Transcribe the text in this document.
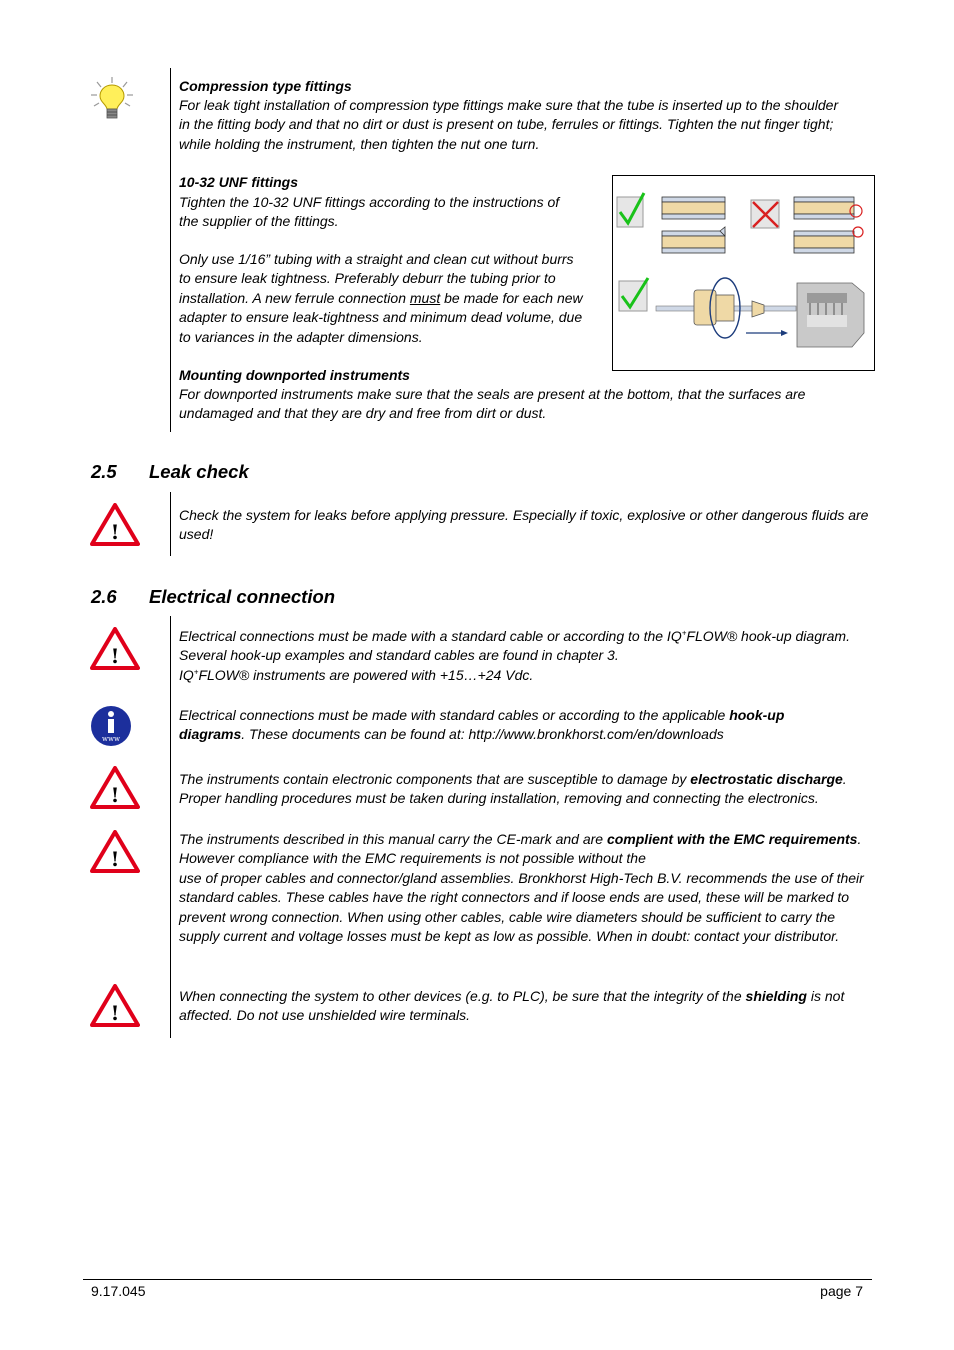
Compression type fittings

For leak tight installation of compression type fittings make sure that the tube is inserted up to the shoulder in the fitting body and that no dirt or dust is present on tube, ferrules or fittings. Tighten the nut finger tight; while holding the instrument, then tighten the nut one turn.

10-32 UNF fittings

Tighten the 10-32 UNF fittings according to the instructions of the supplier of the fittings.

Only use 1/16” tubing with a straight and clean cut without burrs to ensure leak tightness. Preferably deburr the tubing prior to installation. A new ferrule connection must be made for each new adapter to ensure leak-tightness and minimum dead volume, due to variances in the adapter dimensions.

Mounting downported instruments

For downported instruments make sure that the seals are present at the bottom, that the surfaces are undamaged and that they are dry and free from dirt or dust.

2.5 Leak check
!

Check the system for leaks before applying pressure. Especially if toxic, explosive or other dangerous fluids are used!

2.6 Electrical connection
!

Electrical connections must be made with a standard cable or according to the IQ+FLOW® hook-up diagram. Several hook-up examples and standard cables are found in chapter 3.
IQ+FLOW® instruments are powered with +15…+24 Vdc.

www

Electrical connections must be made with standard cables or according to the applicable hook-up diagrams. These documents can be found at: http://www.bronkhorst.com/en/downloads

!

The instruments contain electronic components that are susceptible to damage by electrostatic discharge. Proper handling procedures must be taken during installation, removing and connecting the electronics.

!

The instruments described in this manual carry the CE-mark and are complient with the EMC requirements. However compliance with the EMC requirements is not possible without the
use of proper cables and connector/gland assemblies. Bronkhorst High-Tech B.V. recommends the use of their standard cables. These cables have the right connectors and if loose ends are used, these will be marked to prevent wrong connection. When using other cables, cable wire diameters should be sufficient to carry the supply current and voltage losses must be kept as low as possible. When in doubt: contact your distributor.

!

When connecting the system to other devices (e.g. to PLC), be sure that the integrity of the shielding is not affected. Do not use unshielded wire terminals.

9.17.045	page 7
